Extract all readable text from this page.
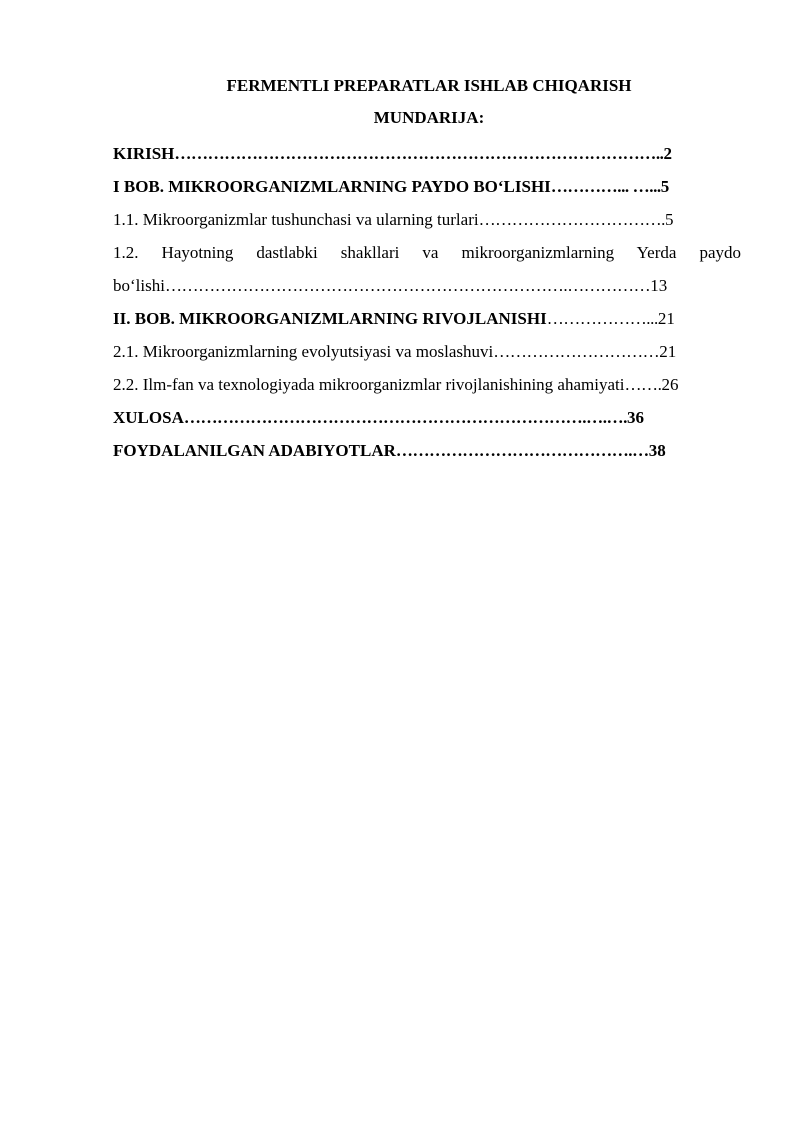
FERMENTLI PREPARATLAR ISHLAB CHIQARISH
MUNDARIJA:
KIRISH……………………………………………………………………………..2
I BOB. MIKROORGANIZMLARNING PAYDO BO‘LISHI…………... …...5
1.1. Mikroorganizmlar tushunchasi va ularning turlari…………………………….5
1.2. Hayotning dastlabki shakllari va mikroorganizmlarning Yerda paydo
bo‘lishi……………………………………………………………….……………13
II. BOB. MIKROORGANIZMLARNING RIVOJLANISHI………………...21
2.1. Mikroorganizmlarning evolyutsiyasi va moslashuvi…………………………21
2.2. Ilm-fan va texnologiyada mikroorganizmlar rivojlanishining ahamiyati…….26
XULOSA……………………………………………………………….….….36
FOYDALANILGAN ADABIYOTLAR…………………………………….…38
